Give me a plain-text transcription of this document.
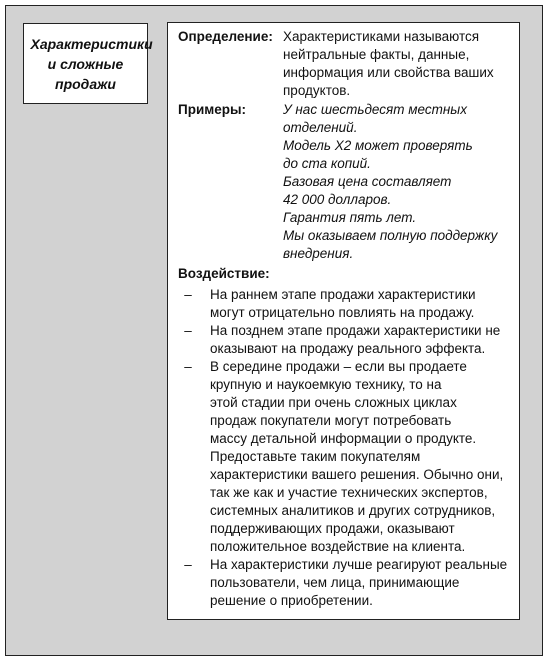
Характеристики
и сложные
продажи
Определение: Характеристиками называются
нейтральные факты, данные,
информация или свойства ваших
продуктов.
Примеры:	У нас шестьдесят местных
отделений.
Модель Х2 может проверять
до ста копий.
Базовая цена составляет
42 000 долларов.
Гарантия пять лет.
Мы оказываем полную поддержку
внедрения.
Воздействие:
–	На раннем этапе продажи характеристики
могут отрицательно повлиять на продажу.
–	На позднем этапе продажи характеристики не
оказывают на продажу реального эффекта.
–	В середине продажи – если вы продаете
крупную и наукоемкую технику, то на
этой стадии при очень сложных циклах
продаж покупатели могут потребовать
массу детальной информации о продукте.
Предоставьте таким покупателям
характеристики вашего решения. Обычно они,
так же как и участие технических экспертов,
системных аналитиков и других сотрудников,
поддерживающих продажи, оказывают
положительное воздействие на клиента.
–	На характеристики лучше реагируют реальные
пользователи, чем лица, принимающие
решение о приобретении.
